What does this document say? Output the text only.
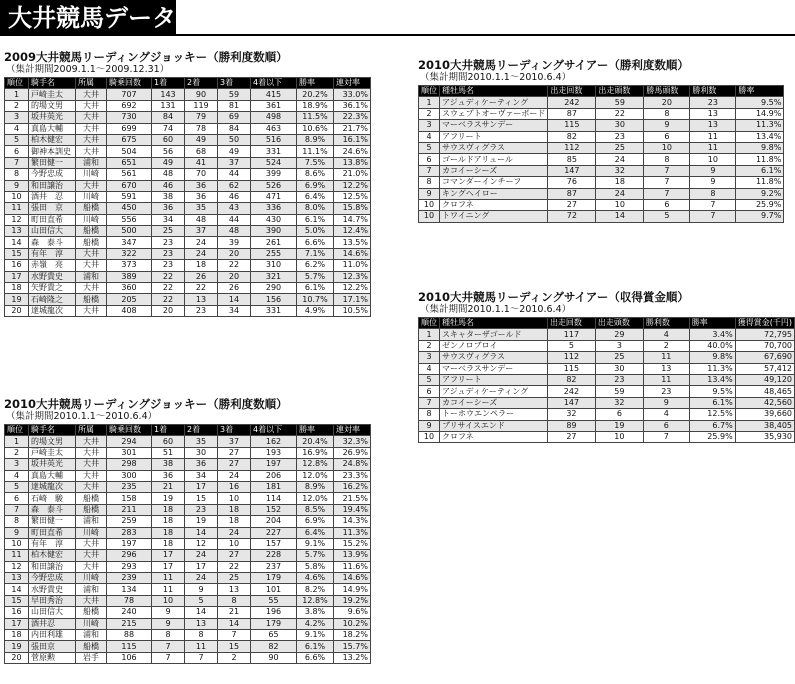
大井競馬データ
2009大井競馬リーディングジョッキー（勝利度数順）
（集計期間2009.1.1～2009.12.31）
順位	騎手名	所属	騎乗回数	1着	2着	3着	4着以下	勝率	連対率
1	戸崎圭太	大井	707	143	90	59	415	20.2%	33.0%
2	的場文男	大井	692	131	119	81	361	18.9%	36.1%
3	坂井英光	大井	730	84	79	69	498	11.5%	22.3%
4	真島大輔	大井	699	74	78	84	463	10.6%	21.7%
5	柏木健宏	大井	675	60	49	50	516	8.9%	16.1%
6	御神本訓史	大井	504	56	68	49	331	11.1%	24.6%
7	繁田健一	浦和	651	49	41	37	524	7.5%	13.8%
8	今野忠成	川崎	561	48	70	44	399	8.6%	21.0%
9	和田譲治	大井	670	46	36	62	526	6.9%	12.2%
10	酒井　忍	川崎	591	38	36	46	471	6.4%	12.5%
11	張田　京	船橋	450	36	35	43	336	8.0%	15.8%
12	町田直希	川崎	556	34	48	44	430	6.1%	14.7%
13	山田信大	船橋	500	25	37	48	390	5.0%	12.4%
14	森　泰斗	船橋	347	23	24	39	261	6.6%	13.5%
15	有年　淳	大井	322	23	24	20	255	7.1%	14.6%
16	赤嶺　亮	大井	373	23	18	22	310	6.2%	11.0%
17	水野貴史	浦和	389	22	26	20	321	5.7%	12.3%
18	矢野貴之	大井	360	22	22	26	290	6.1%	12.2%
19	石崎隆之	船橋	205	22	13	14	156	10.7%	17.1%
20	達城龍次	大井	408	20	23	34	331	4.9%	10.5%
2010大井競馬リーディングジョッキー（勝利度数順）
（集計期間2010.1.1～2010.6.4）
順位	騎手名	所属	騎乗回数	1着	2着	3着	4着以下	勝率	連対率
1	的場文男	大井	294	60	35	37	162	20.4%	32.3%
2	戸崎圭太	大井	301	51	30	27	193	16.9%	26.9%
3	坂井英光	大井	298	38	36	27	197	12.8%	24.8%
4	真島大輔	大井	300	36	34	24	206	12.0%	23.3%
5	達城龍次	大井	235	21	17	16	181	8.9%	16.2%
6	石崎　駿	船橋	158	19	15	10	114	12.0%	21.5%
7	森　泰斗	船橋	211	18	23	18	152	8.5%	19.4%
8	繁田健一	浦和	259	18	19	18	204	6.9%	14.3%
9	町田直希	川崎	283	18	14	24	227	6.4%	11.3%
10	有年　淳	大井	197	18	12	10	157	9.1%	15.2%
11	柏木健宏	大井	296	17	24	27	228	5.7%	13.9%
12	和田譲治	大井	293	17	17	22	237	5.8%	11.6%
13	今野忠成	川崎	239	11	24	25	179	4.6%	14.6%
14	水野貴史	浦和	134	11	9	13	101	8.2%	14.9%
15	早田秀治	大井	78	10	5	8	55	12.8%	19.2%
16	山田信大	船橋	240	9	14	21	196	3.8%	9.6%
17	酒井忍	川崎	215	9	13	14	179	4.2%	10.2%
18	内田利雄	浦和	88	8	8	7	65	9.1%	18.2%
19	張田京	船橋	115	7	11	15	82	6.1%	15.7%
20	菅原勲	岩手	106	7	7	2	90	6.6%	13.2%
2010大井競馬リーディングサイアー（勝利度数順）
（集計期間2010.1.1～2010.6.4）
順位	種牡馬名	出走回数	出走頭数	勝馬頭数	勝利数	勝率
1	アジュディケーティング	242	59	20	23	9.5%
2	スウェプトオーヴァーボード	87	22	8	13	14.9%
3	マーベラスサンデー	115	30	9	13	11.3%
4	アフリート	82	23	6	11	13.4%
5	サウスヴィグラス	112	25	10	11	9.8%
6	ゴールドアリュール	85	24	8	10	11.8%
7	カコイーシーズ	147	32	7	9	6.1%
8	コマンダーインチーフ	76	18	7	9	11.8%
9	キングヘイロー	87	24	7	8	9.2%
10	クロフネ	27	10	6	7	25.9%
10	トワイニング	72	14	5	7	9.7%
2010大井競馬リーディングサイアー（収得賞金順）
（集計期間2010.1.1～2010.6.4）
順位	種牡馬名	出走回数	出走頭数	勝利数	勝率	獲得賞金(千円)
1	スキャターザゴールド	117	29	4	3.4%	72,795
2	ゼンノロブロイ	5	3	2	40.0%	70,700
3	サウスヴィグラス	112	25	11	9.8%	67,690
4	マーベラスサンデー	115	30	13	11.3%	57,412
5	アフリート	82	23	11	13.4%	49,120
6	アジュディケーティング	242	59	23	9.5%	48,465
7	カコイーシーズ	147	32	9	6.1%	42,560
8	トーホウエンペラー	32	6	4	12.5%	39,660
9	ブリサイスエンド	89	19	6	6.7%	38,405
10	クロフネ	27	10	7	25.9%	35,930
